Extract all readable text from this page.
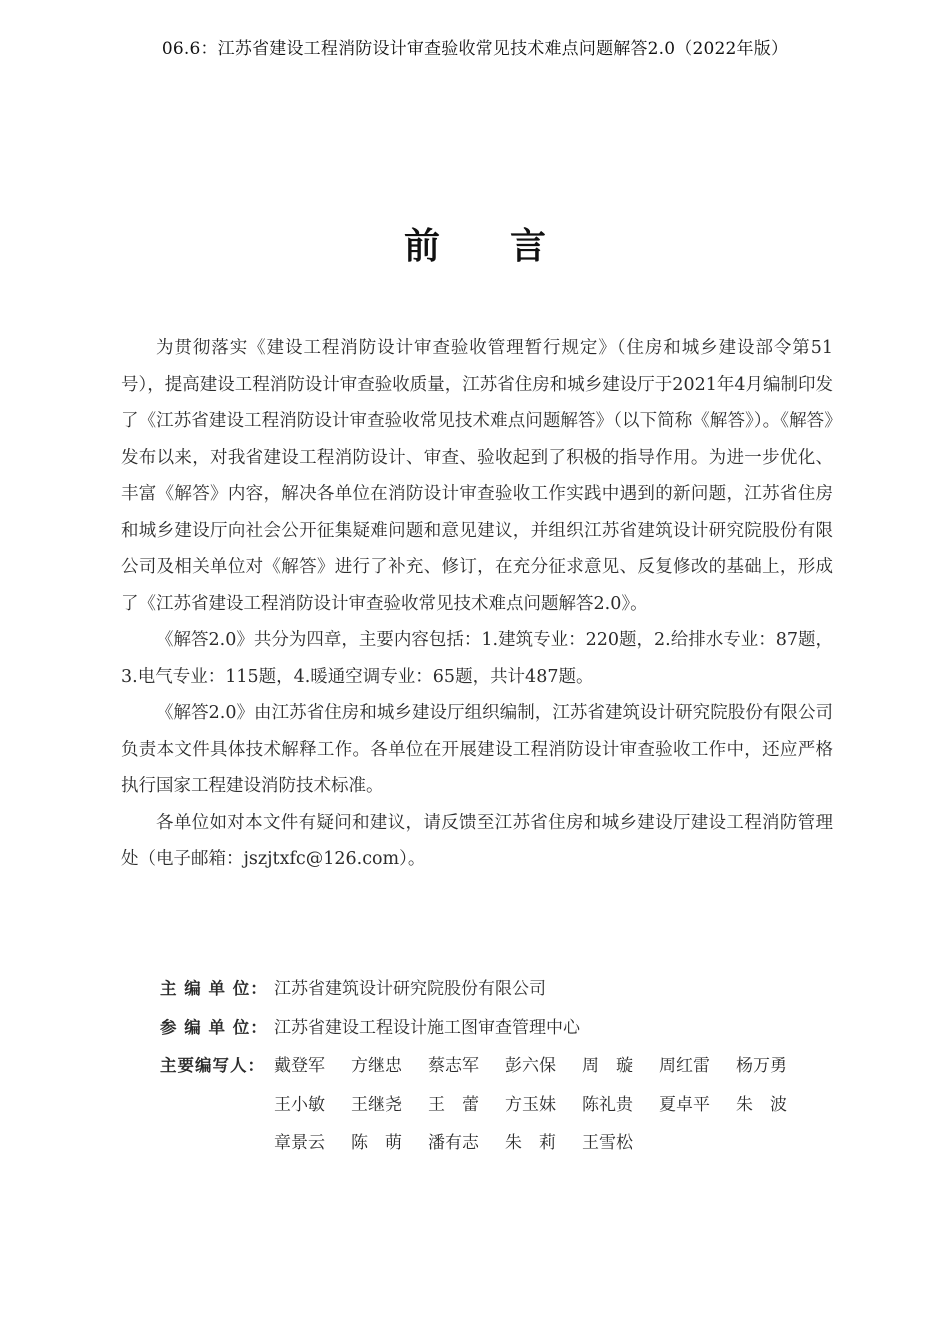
06.6：江苏省建设工程消防设计审查验收常见技术难点问题解答2.0（2022年版）
前 言

为贯彻落实《建设工程消防设计审查验收管理暂行规定》（住房和城乡建设部令第51号），提高建设工程消防设计审查验收质量，江苏省住房和城乡建设厅于2021年4月编制印发了《江苏省建设工程消防设计审查验收常见技术难点问题解答》（以下简称《解答》）。《解答》发布以来，对我省建设工程消防设计、审查、验收起到了积极的指导作用。为进一步优化、丰富《解答》内容，解决各单位在消防设计审查验收工作实践中遇到的新问题，江苏省住房和城乡建设厅向社会公开征集疑难问题和意见建议，并组织江苏省建筑设计研究院股份有限公司及相关单位对《解答》进行了补充、修订，在充分征求意见、反复修改的基础上，形成了《江苏省建设工程消防设计审查验收常见技术难点问题解答2.0》。

《解答2.0》共分为四章，主要内容包括：1.建筑专业：220题，2.给排水专业：87题，3.电气专业：115题，4.暖通空调专业：65题，共计487题。

《解答2.0》由江苏省住房和城乡建设厅组织编制，江苏省建筑设计研究院股份有限公司负责本文件具体技术解释工作。各单位在开展建设工程消防设计审查验收工作中，还应严格执行国家工程建设消防技术标准。

各单位如对本文件有疑问和建议，请反馈至江苏省住房和城乡建设厅建设工程消防管理处（电子邮箱：jszjtxfc@126.com）。

主 编 单 位： 江苏省建筑设计研究院股份有限公司
参 编 单 位： 江苏省建设工程设计施工图审查管理中心
主要编写人： 戴登军	方继忠	蔡志军	彭六保	周　璇	周红雷	杨万勇
王小敏	王继尧	王　蕾	方玉妹	陈礼贵	夏卓平	朱　波
章景云	陈　萌	潘有志	朱　莉	王雪松
